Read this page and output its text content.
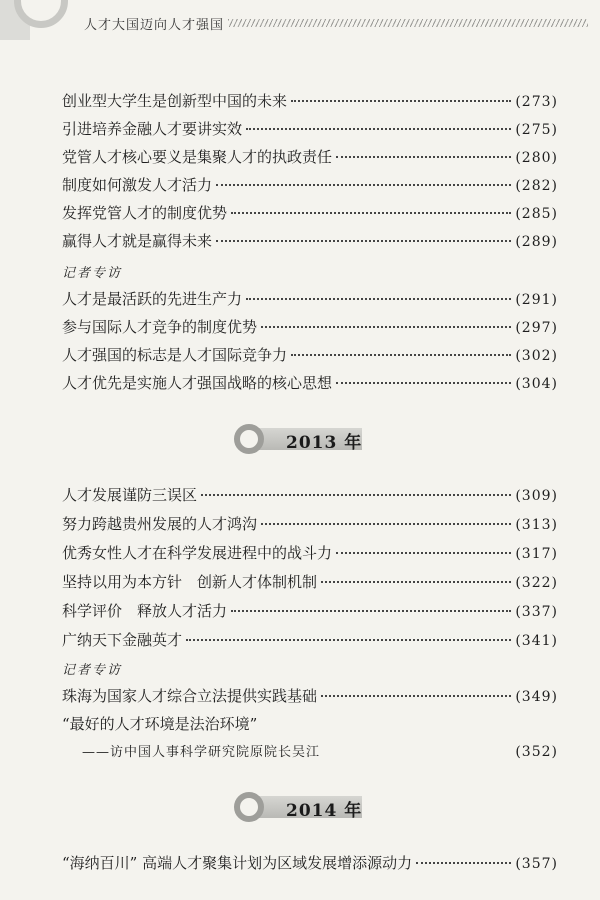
人才大国迈向人才强国
创业型大学生是创新型中国的未来	(273)
引进培养金融人才要讲实效	(275)
党管人才核心要义是集聚人才的执政责任	(280)
制度如何激发人才活力	(282)
发挥党管人才的制度优势	(285)
赢得人才就是赢得未来	(289)
记者专访
人才是最活跃的先进生产力	(291)
参与国际人才竞争的制度优势	(297)
人才强国的标志是人才国际竞争力	(302)
人才优先是实施人才强国战略的核心思想	(304)
2013 年
人才发展谨防三误区	(309)
努力跨越贵州发展的人才鸿沟	(313)
优秀女性人才在科学发展进程中的战斗力	(317)
坚持以用为本方针　创新人才体制机制	(322)
科学评价　释放人才活力	(337)
广纳天下金融英才	(341)
记者专访
珠海为国家人才综合立法提供实践基础	(349)
“最好的人才环境是法治环境”
——访中国人事科学研究院原院长吴江	(352)
2014 年
“海纳百川” 高端人才聚集计划为区域发展增添源动力	(357)
